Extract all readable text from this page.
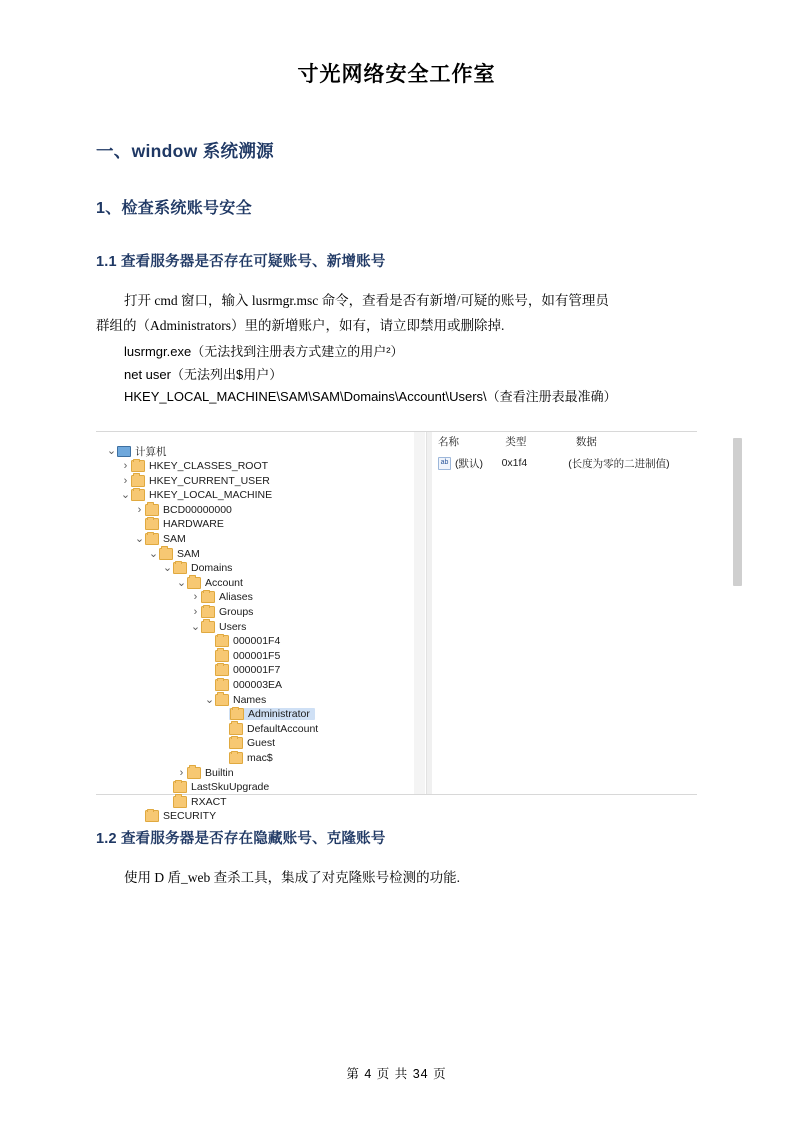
寸光网络安全工作室
一、window 系统溯源
1、检查系统账号安全
1.1 查看服务器是否存在可疑账号、新增账号

打开 cmd 窗口，输入 lusrmgr.msc 命令，查看是否有新增/可疑的账号，如有管理员
群组的（Administrators）里的新增账户，如有，请立即禁用或删除掉.

lusrmgr.exe（无法找到注册表方式建立的用户²）

net user（无法列出$用户）

HKEY_LOCAL_MACHINE\SAM\SAM\Domains\Account\Users\（查看注册表最准确）

⌄ 计算机
›	HKEY_CLASSES_ROOT
›	HKEY_CURRENT_USER
⌄ HKEY_LOCAL_MACHINE
›	BCD00000000

HARDWARE
⌄ SAM
⌄ SAM
⌄ Domains
⌄ Account
›	Aliases
›	Groups
⌄ Users

000001F4

000001F5

000001F7

000003EA
⌄ Names

Administrator

DefaultAccount

Guest

mac$
›	Builtin

LastSkuUpgrade

RXACT

SECURITY
名称	类型	数据
ab (默认)	0x1f4	(长度为零的二进制值)
1.2 查看服务器是否存在隐藏账号、克隆账号

使用 D 盾_web 查杀工具，集成了对克隆账号检测的功能.

第 4 页 共 34 页
